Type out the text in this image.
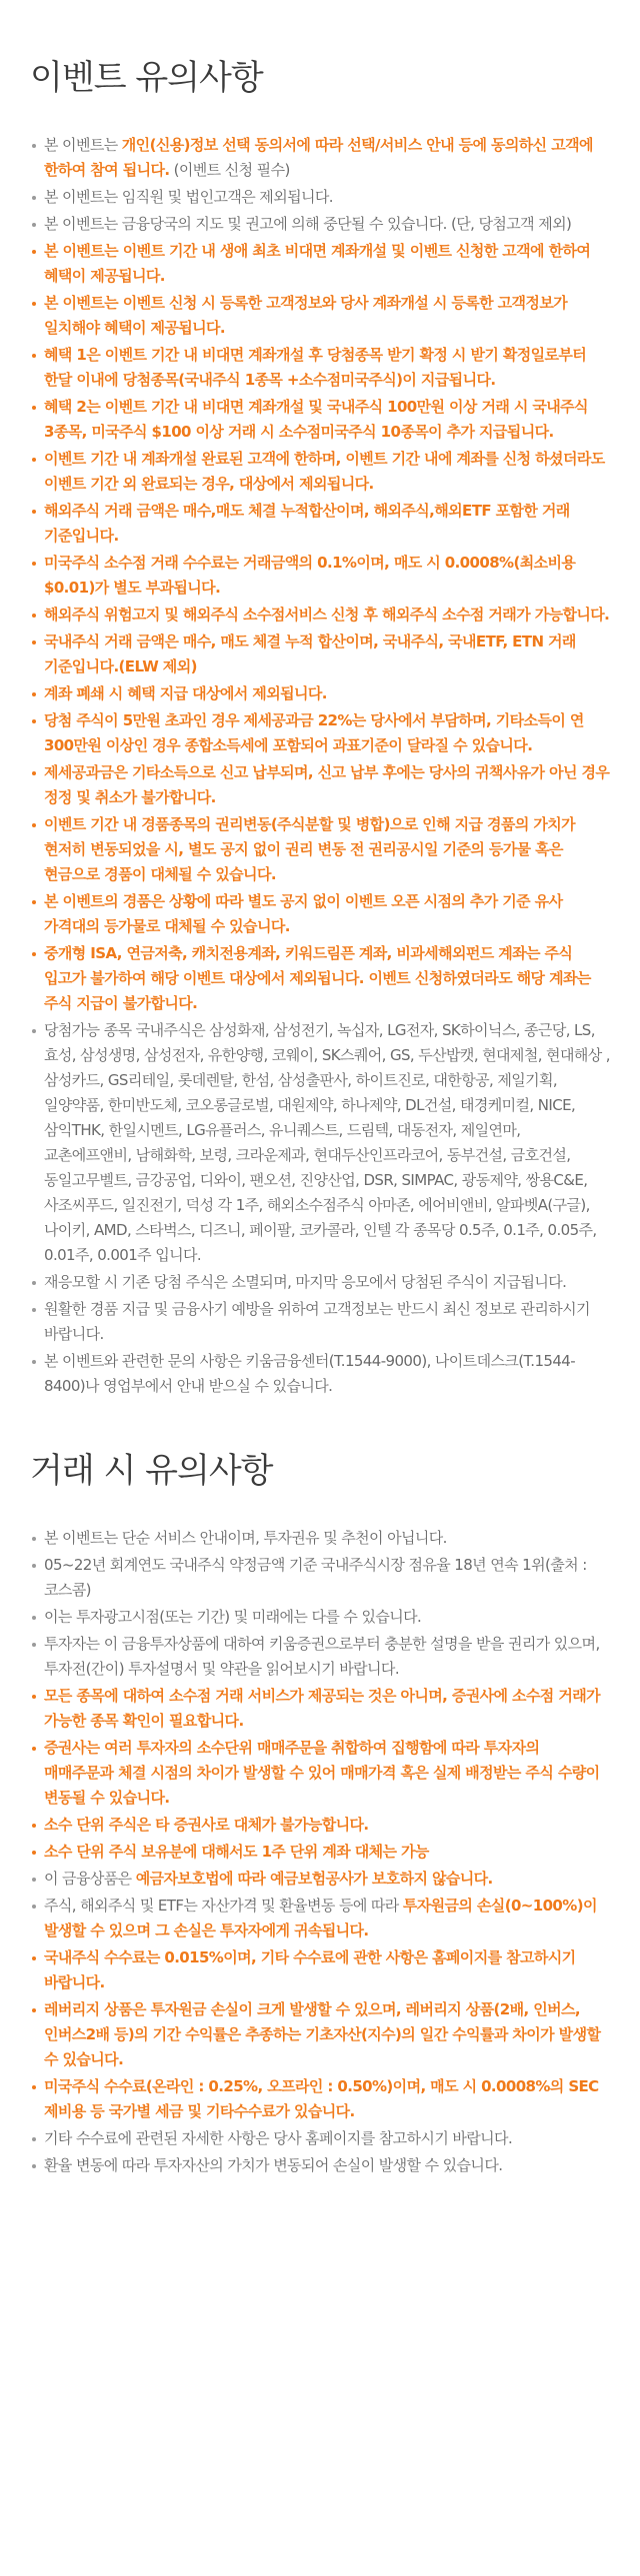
이벤트 유의사항
본 이벤트는 개인(신용)정보 선택 동의서에 따라 선택/서비스 안내 등에 동의하신 고객에 한하여 참여 됩니다. (이벤트 신청 필수)
본 이벤트는 임직원 및 법인고객은 제외됩니다.
본 이벤트는 금융당국의 지도 및 권고에 의해 중단될 수 있습니다. (단, 당첨고객 제외)
본 이벤트는 이벤트 기간 내 생애 최초 비대면 계좌개설 및 이벤트 신청한 고객에 한하여 혜택이 제공됩니다.
본 이벤트는 이벤트 신청 시 등록한 고객정보와 당사 계좌개설 시 등록한 고객정보가 일치해야 혜택이 제공됩니다.
혜택 1은 이벤트 기간 내 비대면 계좌개설 후 당첨종목 받기 확정 시 받기 확정일로부터 한달 이내에 당첨종목(국내주식 1종목 +소수점미국주식)이 지급됩니다.
혜택 2는 이벤트 기간 내 비대면 계좌개설 및 국내주식 100만원 이상 거래 시 국내주식 3종목, 미국주식 $100 이상 거래 시 소수점미국주식 10종목이 추가 지급됩니다.
이벤트 기간 내 계좌개설 완료된 고객에 한하며, 이벤트 기간 내에 계좌를 신청 하셨더라도 이벤트 기간 외 완료되는 경우, 대상에서 제외됩니다.
해외주식 거래 금액은 매수,매도 체결 누적합산이며, 해외주식,해외ETF 포함한 거래 기준입니다.
미국주식 소수점 거래 수수료는 거래금액의 0.1%이며, 매도 시 0.0008%(최소비용 $0.01)가 별도 부과됩니다.
해외주식 위험고지 및 해외주식 소수점서비스 신청 후 해외주식 소수점 거래가 가능합니다.
국내주식 거래 금액은 매수, 매도 체결 누적 합산이며, 국내주식, 국내ETF, ETN 거래 기준입니다.(ELW 제외)
계좌 폐쇄 시 혜택 지급 대상에서 제외됩니다.
당첨 주식이 5만원 초과인 경우 제세공과금 22%는 당사에서 부담하며, 기타소득이 연 300만원 이상인 경우 종합소득세에 포함되어 과표기준이 달라질 수 있습니다.
제세공과금은 기타소득으로 신고 납부되며, 신고 납부 후에는 당사의 귀책사유가 아닌 경우 정정 및 취소가 불가합니다.
이벤트 기간 내 경품종목의 권리변동(주식분할 및 병합)으로 인해 지급 경품의 가치가 현저히 변동되었을 시, 별도 공지 없이 권리 변동 전 권리공시일 기준의 등가물 혹은 현금으로 경품이 대체될 수 있습니다.
본 이벤트의 경품은 상황에 따라 별도 공지 없이 이벤트 오픈 시점의 추가 기준 유사 가격대의 등가물로 대체될 수 있습니다.
중개형 ISA, 연금저축, 캐치전용계좌, 키워드림픈 계좌, 비과세해외펀드 계좌는 주식 입고가 불가하여 해당 이벤트 대상에서 제외됩니다. 이벤트 신청하였더라도 해당 계좌는 주식 지급이 불가합니다.
당첨가능 종목 국내주식은 삼성화재, 삼성전기, 녹십자, LG전자, SK하이닉스, 종근당, LS, 효성, 삼성생명, 삼성전자, 유한양행, 코웨이, SK스퀘어, GS, 두산밥캣, 현대제철, 현대해상 ,삼성카드, GS리테일, 롯데렌탈, 한섬, 삼성출판사, 하이트진로, 대한항공, 제일기획, 일양약품, 한미반도체, 코오롱글로벌, 대원제약, 하나제약, DL건설, 태경케미컬, NICE, 삼익THK, 한일시멘트, LG유플러스, 유니퀘스트, 드림텍, 대동전자, 제일연마, 교촌에프앤비, 남해화학, 보령, 크라운제과, 현대두산인프라코어, 동부건설, 금호건설, 동일고무벨트, 금강공업, 디와이, 팬오션, 진양산업, DSR, SIMPAC, 광동제약, 쌍용C&E, 사조씨푸드, 일진전기, 덕성 각 1주, 해외소수점주식 아마존, 에어비앤비, 알파벳A(구글), 나이키, AMD, 스타벅스, 디즈니, 페이팔, 코카콜라, 인텔 각 종목당 0.5주, 0.1주, 0.05주, 0.01주, 0.001주 입니다.
재응모할 시 기존 당첨 주식은 소멸되며, 마지막 응모에서 당첨된 주식이 지급됩니다.
원활한 경품 지급 및 금융사기 예방을 위하여 고객정보는 반드시 최신 정보로 관리하시기 바랍니다.
본 이벤트와 관련한 문의 사항은 키움금융센터(T.1544-9000), 나이트데스크(T.1544-8400)나 영업부에서 안내 받으실 수 있습니다.
거래 시 유의사항
본 이벤트는 단순 서비스 안내이며, 투자권유 및 추천이 아닙니다.
05~22년 회계연도 국내주식 약정금액 기준 국내주식시장 점유율 18년 연속 1위(출처 : 코스콤)
이는 투자광고시점(또는 기간) 및 미래에는 다를 수 있습니다.
투자자는 이 금융투자상품에 대하여 키움증권으로부터 충분한 설명을 받을 권리가 있으며, 투자전(간이) 투자설명서 및 약관을 읽어보시기 바랍니다.
모든 종목에 대하여 소수점 거래 서비스가 제공되는 것은 아니며, 증권사에 소수점 거래가 가능한 종목 확인이 필요합니다.
증권사는 여러 투자자의 소수단위 매매주문을 취합하여 집행함에 따라 투자자의 매매주문과 체결 시점의 차이가 발생할 수 있어 매매가격 혹은 실제 배정받는 주식 수량이 변동될 수 있습니다.
소수 단위 주식은 타 증권사로 대체가 불가능합니다.
소수 단위 주식 보유분에 대해서도 1주 단위 계좌 대체는 가능
이 금융상품은 예금자보호법에 따라 예금보험공사가 보호하지 않습니다.
주식, 해외주식 및 ETF는 자산가격 및 환율변동 등에 따라 투자원금의 손실(0~100%)이 발생할 수 있으며 그 손실은 투자자에게 귀속됩니다.
국내주식 수수료는 0.015%이며, 기타 수수료에 관한 사항은 홈페이지를 참고하시기 바랍니다.
레버리지 상품은 투자원금 손실이 크게 발생할 수 있으며, 레버리지 상품(2배, 인버스, 인버스2배 등)의 기간 수익률은 추종하는 기초자산(지수)의 일간 수익률과 차이가 발생할 수 있습니다.
미국주식 수수료(온라인 : 0.25%, 오프라인 : 0.50%)이며, 매도 시 0.0008%의 SEC 제비용 등 국가별 세금 및 기타수수료가 있습니다.
기타 수수료에 관련된 자세한 사항은 당사 홈페이지를 참고하시기 바랍니다.
환율 변동에 따라 투자자산의 가치가 변동되어 손실이 발생할 수 있습니다.
